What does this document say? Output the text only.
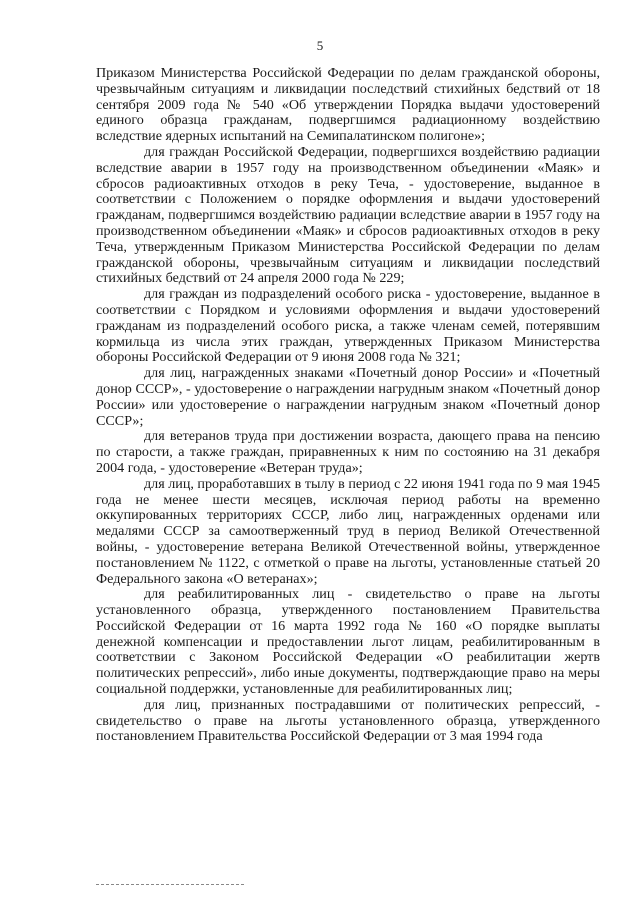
5

Приказом Министерства Российской Федерации по делам гражданской обороны, чрезвычайным ситуациям и ликвидации последствий стихийных бедствий от 18 сентября 2009 года № 540 «Об утверждении Порядка выдачи удостоверений единого образца гражданам, подвергшимся радиационному воздействию вследствие ядерных испытаний на Семипалатинском полигоне»;

для граждан Российской Федерации, подвергшихся воздействию радиации вследствие аварии в 1957 году на производственном объединении «Маяк» и сбросов радиоактивных отходов в реку Теча, - удостоверение, выданное в соответствии с Положением о порядке оформления и выдачи удостоверений гражданам, подвергшимся воздействию радиации вследствие аварии в 1957 году на производственном объединении «Маяк» и сбросов радиоактивных отходов в реку Теча, утвержденным Приказом Министерства Российской Федерации по делам гражданской обороны, чрезвычайным ситуациям и ликвидации последствий стихийных бедствий от 24 апреля 2000 года № 229;

для граждан из подразделений особого риска - удостоверение, выданное в соответствии с Порядком и условиями оформления и выдачи удостоверений гражданам из подразделений особого риска, а также членам семей, потерявшим кормильца из числа этих граждан, утвержденных Приказом Министерства обороны Российской Федерации от 9 июня 2008 года № 321;

для лиц, награжденных знаками «Почетный донор России» и «Почетный донор СССР», - удостоверение о награждении нагрудным знаком «Почетный донор России» или удостоверение о награждении нагрудным знаком «Почетный донор СССР»;

для ветеранов труда при достижении возраста, дающего права на пенсию по старости, а также граждан, приравненных к ним по состоянию на 31 декабря 2004 года, - удостоверение «Ветеран труда»;

для лиц, проработавших в тылу в период с 22 июня 1941 года по 9 мая 1945 года не менее шести месяцев, исключая период работы на временно оккупированных территориях СССР, либо лиц, награжденных орденами или медалями СССР за самоотверженный труд в период Великой Отечественной войны, - удостоверение ветерана Великой Отечественной войны, утвержденное постановлением № 1122, с отметкой о праве на льготы, установленные статьей 20 Федерального закона «О ветеранах»;

для реабилитированных лиц - свидетельство о праве на льготы установленного образца, утвержденного постановлением Правительства Российской Федерации от 16 марта 1992 года № 160 «О порядке выплаты денежной компенсации и предоставлении льгот лицам, реабилитированным в соответствии с Законом Российской Федерации «О реабилитации жертв политических репрессий», либо иные документы, подтверждающие право на меры социальной поддержки, установленные для реабилитированных лиц;

для лиц, признанных пострадавшими от политических репрессий, - свидетельство о праве на льготы установленного образца, утвержденного постановлением Правительства Российской Федерации от 3 мая 1994 года
